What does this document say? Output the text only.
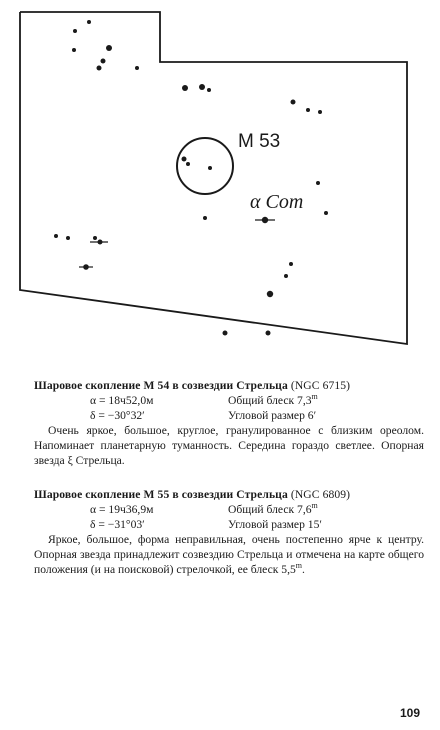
M 53
α Com
Шаровое скопление М 54 в созвездии Стрельца (NGC 6715)
α = 18ч52,0м	Общий блеск 7,3$^m$
δ = −30°32′	Угловой размер 6′

Очень яркое, большое, круглое, гранулированное с близким ореолом. Напоминает планетарную туманность. Середина гораздо светлее. Опорная звезда ξ Стрельца.

Шаровое скопление М 55 в созвездии Стрельца (NGC 6809)
α = 19ч36,9м	Общий блеск 7,6$^m$
δ = −31°03′	Угловой размер 15′

Яркое, большое, форма неправильная, очень постепенно ярче к центру. Опорная звезда принадлежит созвездию Стрельца и отмечена на карте общего положения (и на поисковой) стрелочкой, ее блеск 5,5$^m$.

109
